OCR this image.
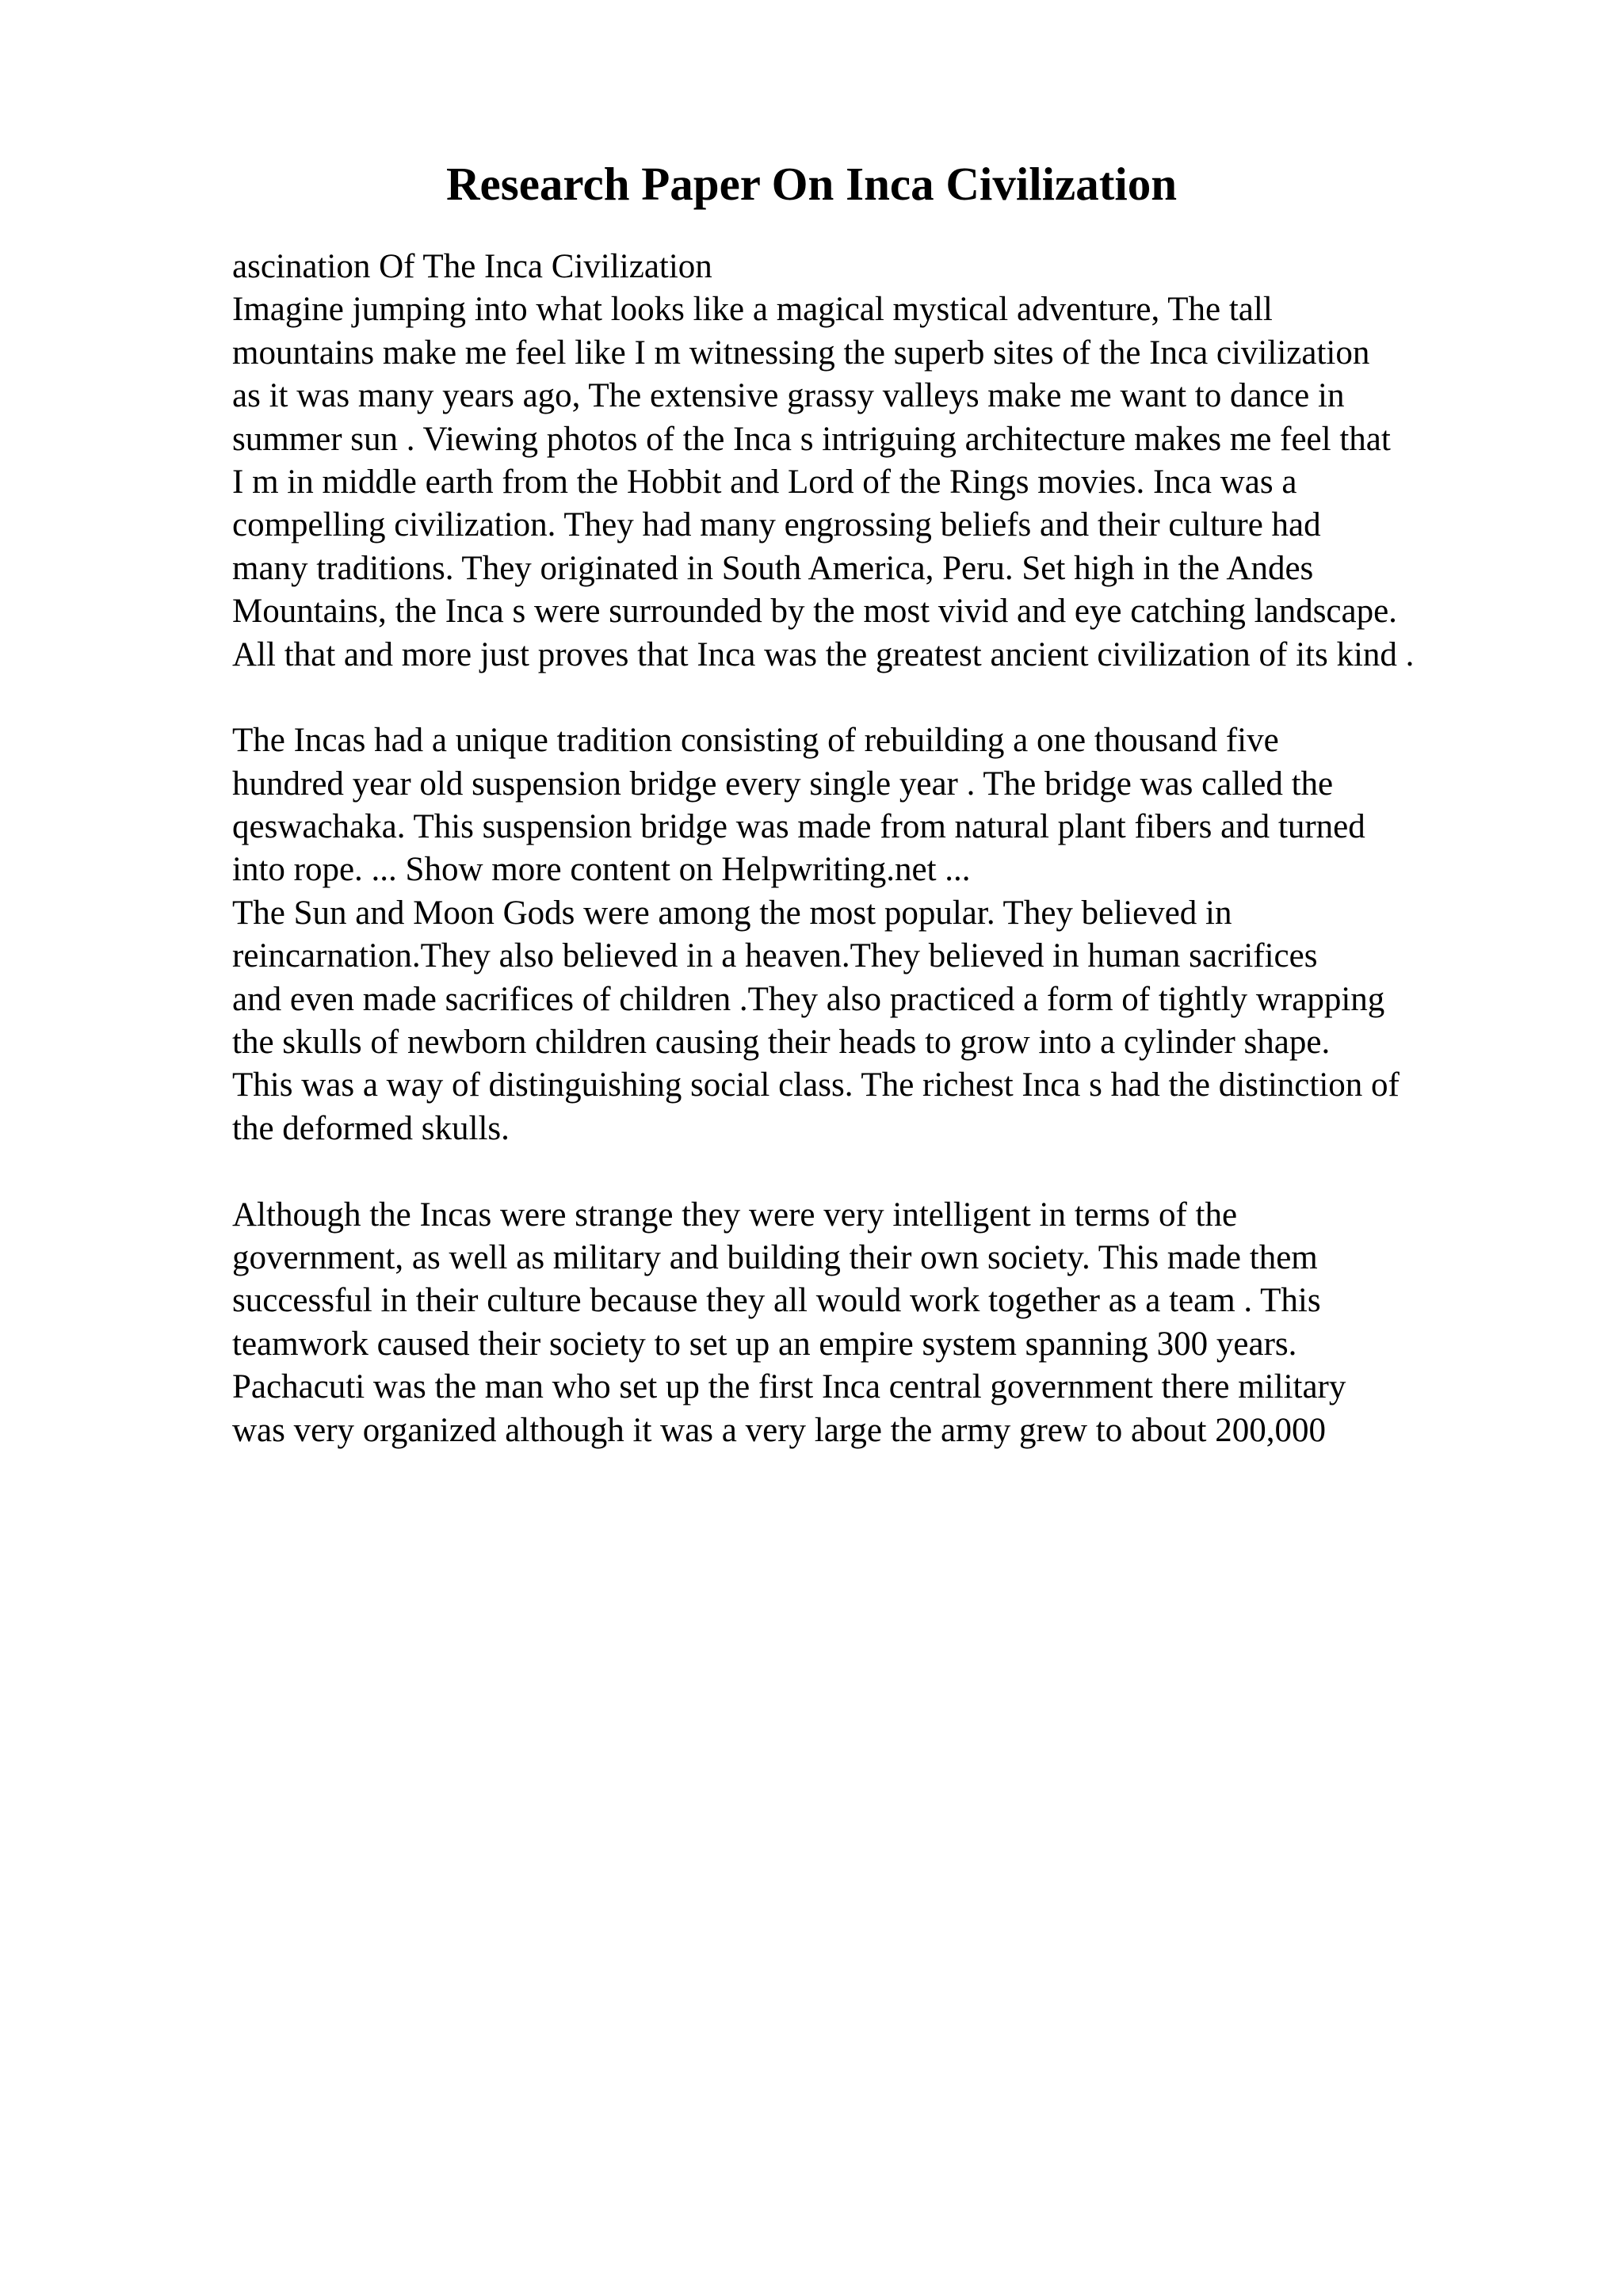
Research Paper On Inca Civilization
ascination Of The Inca Civilization
Imagine jumping into what looks like a magical mystical adventure, The tall
mountains make me feel like I m witnessing the superb sites of the Inca civilization
as it was many years ago, The extensive grassy valleys make me want to dance in
summer sun . Viewing photos of the Inca s intriguing architecture makes me feel that
I m in middle earth from the Hobbit and Lord of the Rings movies. Inca was a
compelling civilization. They had many engrossing beliefs and their culture had
many traditions. They originated in South America, Peru. Set high in the Andes
Mountains, the Inca s were surrounded by the most vivid and eye catching landscape.
All that and more just proves that Inca was the greatest ancient civilization of its kind .
The Incas had a unique tradition consisting of rebuilding a one thousand five
hundred year old suspension bridge every single year . The bridge was called the
qeswachaka. This suspension bridge was made from natural plant fibers and turned
into rope. ... Show more content on Helpwriting.net ...
The Sun and Moon Gods were among the most popular. They believed in
reincarnation.They also believed in a heaven.They believed in human sacrifices
and even made sacrifices of children .They also practiced a form of tightly wrapping
the skulls of newborn children causing their heads to grow into a cylinder shape.
This was a way of distinguishing social class. The richest Inca s had the distinction of
the deformed skulls.
Although the Incas were strange they were very intelligent in terms of the
government, as well as military and building their own society. This made them
successful in their culture because they all would work together as a team . This
teamwork caused their society to set up an empire system spanning 300 years.
Pachacuti was the man who set up the first Inca central government there military
was very organized although it was a very large the army grew to about 200,000
